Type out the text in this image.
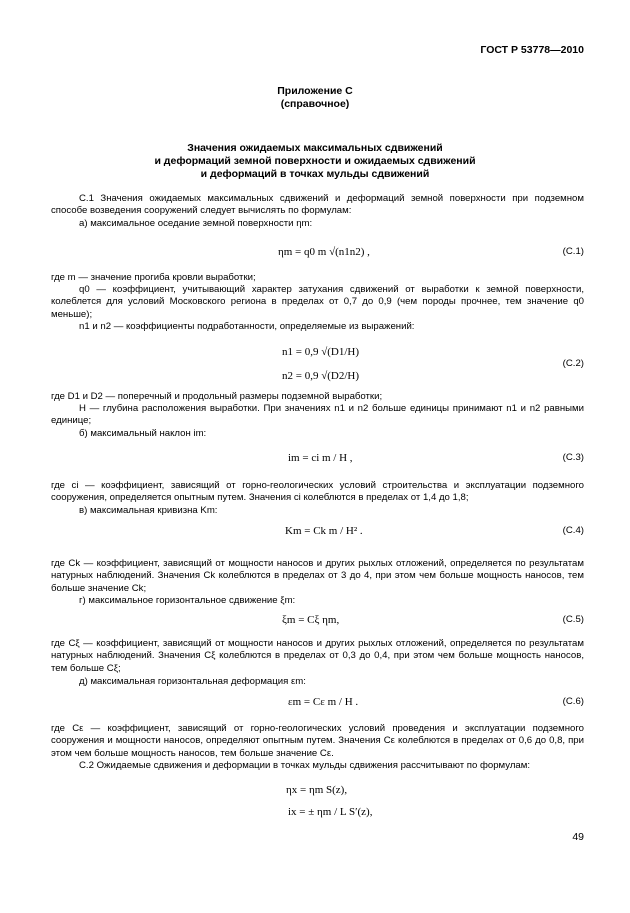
ГОСТ Р 53778—2010
Приложение С
(справочное)
Значения ожидаемых максимальных сдвижений
и деформаций земной поверхности и ожидаемых сдвижений
и деформаций в точках мульды сдвижений
С.1 Значения ожидаемых максимальных сдвижений и деформаций земной поверхности при подземном способе возведения сооружений следует вычислять по формулам:
а) максимальное оседание земной поверхности ηm:
ηm = q0 m √(n1n2) ,	(С.1)
где m — значение прогиба кровли выработки;
q0 — коэффициент, учитывающий характер затухания сдвижений от выработки к земной поверхности, колеблется для условий Московского региона в пределах от 0,7 до 0,9 (чем породы прочнее, тем значение q0 меньше);
n1 и n2 — коэффициенты подработанности, определяемые из выражений:
n1 = 0,9 √(D1/H)
n2 = 0,9 √(D2/H)
(С.2)
где D1 и D2 — поперечный и продольный размеры подземной выработки;
H — глубина расположения выработки. При значениях n1 и n2 больше единицы принимают n1 и n2 равными единице;
б) максимальный наклон im:
im = ci m / H ,	(С.3)
где ci — коэффициент, зависящий от горно-геологических условий строительства и эксплуатации подземного сооружения, определяется опытным путем. Значения ci колеблются в пределах от 1,4 до 1,8;
в) максимальная кривизна Km:
Km = Ck m / H² .	(С.4)
где Ck — коэффициент, зависящий от мощности наносов и других рыхлых отложений, определяется по результатам натурных наблюдений. Значения Ck колеблются в пределах от 3 до 4, при этом чем больше мощность наносов, тем больше значение Ck;
г) максимальное горизонтальное сдвижение ξm:
ξm = Cξ ηm,	(С.5)
где Cξ — коэффициент, зависящий от мощности наносов и других рыхлых отложений, определяется по результатам натурных наблюдений. Значения Cξ колеблются в пределах от 0,3 до 0,4, при этом чем больше мощность наносов, тем больше Cξ;
д) максимальная горизонтальная деформация εm:
εm = Cε m / H .	(С.6)
где Cε — коэффициент, зависящий от горно-геологических условий проведения и эксплуатации подземного сооружения и мощности наносов, определяют опытным путем. Значения Cε колеблются в пределах от 0,6 до 0,8, при этом чем больше мощность наносов, тем больше значение Cε.
С.2 Ожидаемые сдвижения и деформации в точках мульды сдвижения рассчитывают по формулам:
ηx = ηm S(z),
ix = ± ηm / L S′(z),
49
